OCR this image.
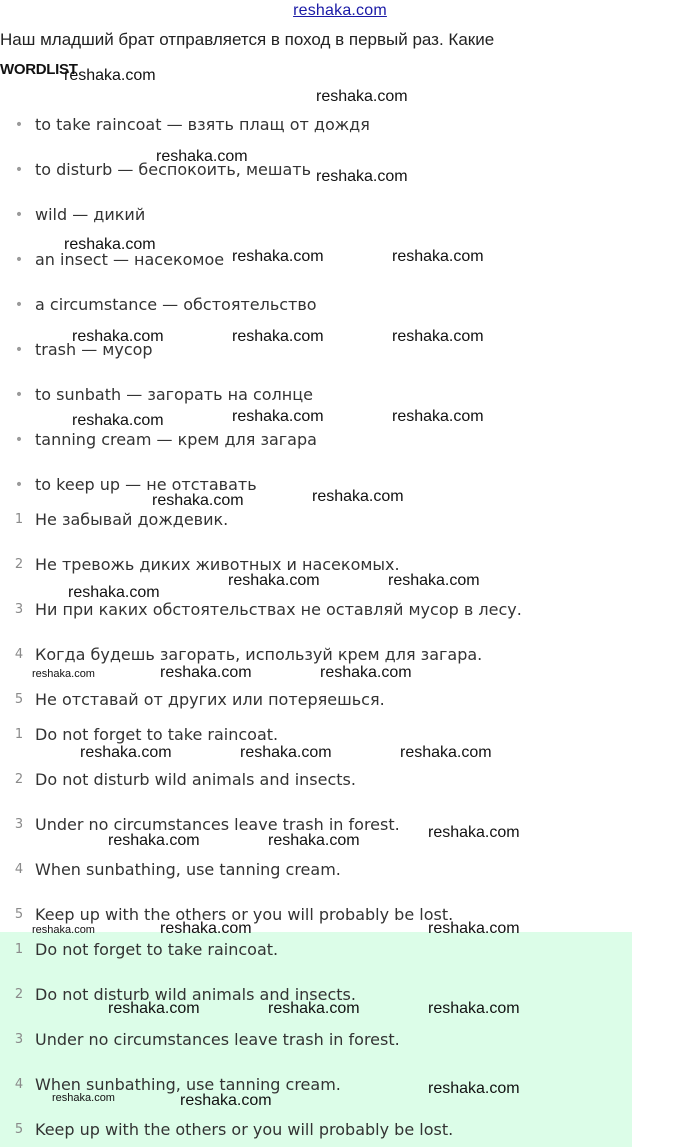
reshaka.com
Наш младший брат отправляется в поход в первый раз. Какие
WORDLIST
• to take raincoat — взять плащ от дождя
• to disturb — беспокоить, мешать
• wild — дикий
• an insect — насекомое
• a circumstance — обстоятельство
• trash — мусор
• to sunbath — загорать на солнце
• tanning cream — крем для загара
• to keep up — не отставать
1 Не забывай дождевик.
2 Не тревожь диких животных и насекомых.
3 Ни при каких обстоятельствах не оставляй мусор в лесу.
4 Когда будешь загорать, используй крем для загара.
5 Не отставай от других или потеряешься.
1 Do not forget to take raincoat.
2 Do not disturb wild animals and insects.
3 Under no circumstances leave trash in forest.
4 When sunbathing, use tanning cream.
5 Keep up with the others or you will probably be lost.
1 Do not forget to take raincoat.
2 Do not disturb wild animals and insects.
3 Under no circumstances leave trash in forest.
4 When sunbathing, use tanning cream.
5 Keep up with the others or you will probably be lost.
reshaka.com
reshaka.com
reshaka.com
reshaka.com
reshaka.com
reshaka.com	reshaka.com
reshaka.com	reshaka.com	reshaka.com
reshaka.com	reshaka.com	reshaka.com
reshaka.com	reshaka.com
reshaka.com	reshaka.com
reshaka.com
reshaka.com	reshaka.com	reshaka.com
reshaka.com	reshaka.com	reshaka.com
reshaka.com
reshaka.com	reshaka.com
reshaka.com	reshaka.com	reshaka.com
reshaka.com	reshaka.com	reshaka.com
reshaka.com
reshaka.com	reshaka.com
